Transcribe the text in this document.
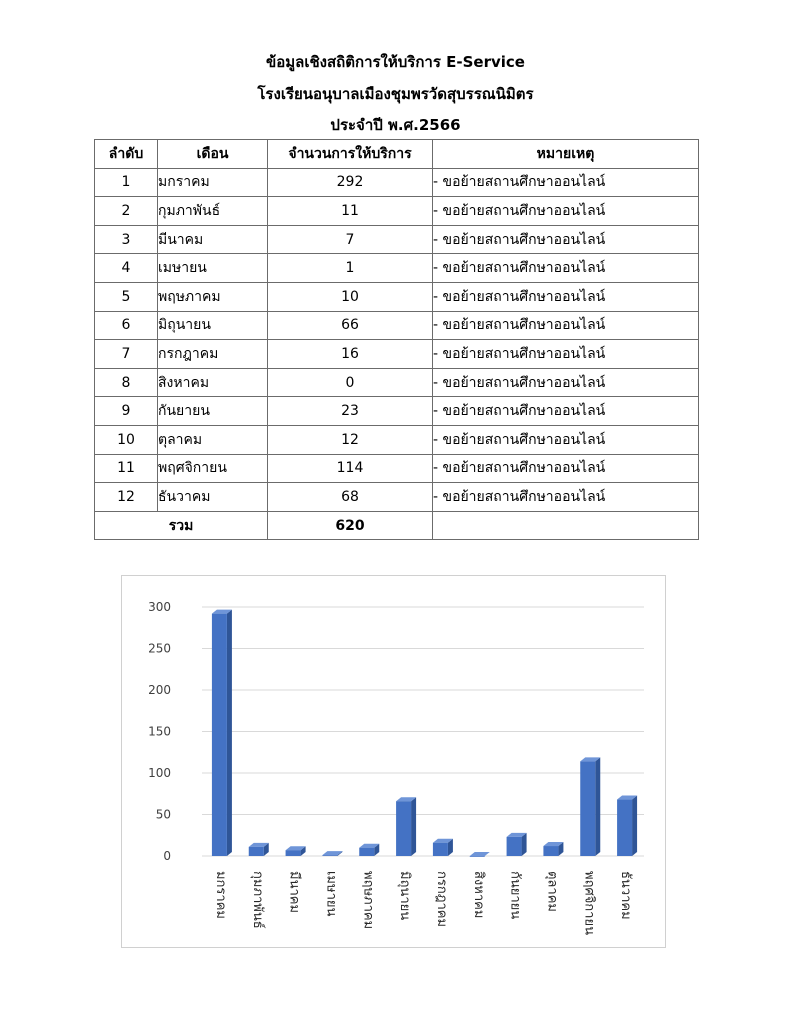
ข้อมูลเชิงสถิติการให้บริการ E-Service
โรงเรียนอนุบาลเมืองชุมพรวัดสุบรรณนิมิตร
ประจำปี พ.ศ.2566
ลำดับ	เดือน	จำนวนการให้บริการ	หมายเหตุ
1	มกราคม	292	- ขอย้ายสถานศึกษาออนไลน์
2	กุมภาพันธ์	11	- ขอย้ายสถานศึกษาออนไลน์
3	มีนาคม	7	- ขอย้ายสถานศึกษาออนไลน์
4	เมษายน	1	- ขอย้ายสถานศึกษาออนไลน์
5	พฤษภาคม	10	- ขอย้ายสถานศึกษาออนไลน์
6	มิถุนายน	66	- ขอย้ายสถานศึกษาออนไลน์
7	กรกฎาคม	16	- ขอย้ายสถานศึกษาออนไลน์
8	สิงหาคม	0	- ขอย้ายสถานศึกษาออนไลน์
9	กันยายน	23	- ขอย้ายสถานศึกษาออนไลน์
10	ตุลาคม	12	- ขอย้ายสถานศึกษาออนไลน์
11	พฤศจิกายน	114	- ขอย้ายสถานศึกษาออนไลน์
12	ธันวาคม	68	- ขอย้ายสถานศึกษาออนไลน์
รวม		620	
0
50
100
150
200
250
300
มกราคม กุมภาพันธ์ มีนาคม เมษายน พฤษภาคม มิถุนายน กรกฎาคม สิงหาคม กันยายน ตุลาคม พฤศจิกายน ธันวาคม
